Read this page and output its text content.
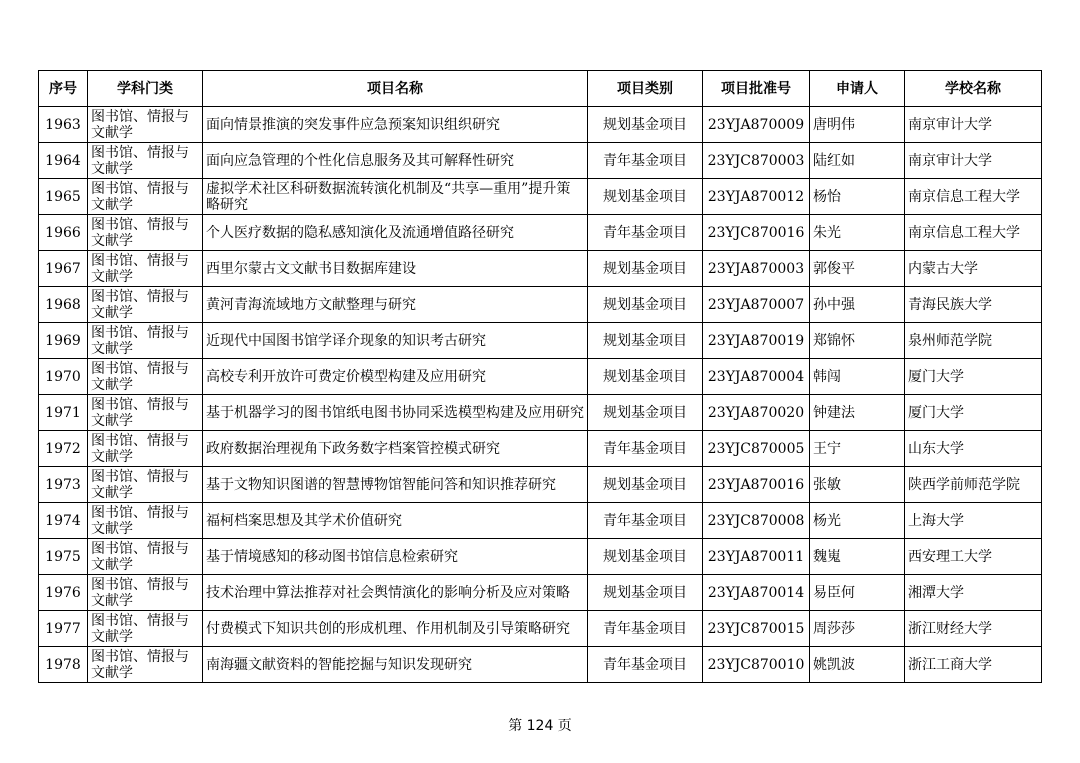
序号	学科门类	项目名称	项目类别	项目批准号	申请人	学校名称
1963	图书馆、情报与文献学	面向情景推演的突发事件应急预案知识组织研究	规划基金项目	23YJA870009	唐明伟	南京审计大学
1964	图书馆、情报与文献学	面向应急管理的个性化信息服务及其可解释性研究	青年基金项目	23YJC870003	陆红如	南京审计大学
1965	图书馆、情报与文献学	虚拟学术社区科研数据流转演化机制及“共享—重用”提升策略研究	规划基金项目	23YJA870012	杨怡	南京信息工程大学
1966	图书馆、情报与文献学	个人医疗数据的隐私感知演化及流通增值路径研究	青年基金项目	23YJC870016	朱光	南京信息工程大学
1967	图书馆、情报与文献学	西里尔蒙古文文献书目数据库建设	规划基金项目	23YJA870003	郭俊平	内蒙古大学
1968	图书馆、情报与文献学	黄河青海流域地方文献整理与研究	规划基金项目	23YJA870007	孙中强	青海民族大学
1969	图书馆、情报与文献学	近现代中国图书馆学译介现象的知识考古研究	规划基金项目	23YJA870019	郑锦怀	泉州师范学院
1970	图书馆、情报与文献学	高校专利开放许可费定价模型构建及应用研究	规划基金项目	23YJA870004	韩闯	厦门大学
1971	图书馆、情报与文献学	基于机器学习的图书馆纸电图书协同采选模型构建及应用研究	规划基金项目	23YJA870020	钟建法	厦门大学
1972	图书馆、情报与文献学	政府数据治理视角下政务数字档案管控模式研究	青年基金项目	23YJC870005	王宁	山东大学
1973	图书馆、情报与文献学	基于文物知识图谱的智慧博物馆智能问答和知识推荐研究	规划基金项目	23YJA870016	张敏	陕西学前师范学院
1974	图书馆、情报与文献学	福柯档案思想及其学术价值研究	青年基金项目	23YJC870008	杨光	上海大学
1975	图书馆、情报与文献学	基于情境感知的移动图书馆信息检索研究	规划基金项目	23YJA870011	魏嵬	西安理工大学
1976	图书馆、情报与文献学	技术治理中算法推荐对社会舆情演化的影响分析及应对策略	规划基金项目	23YJA870014	易臣何	湘潭大学
1977	图书馆、情报与文献学	付费模式下知识共创的形成机理、作用机制及引导策略研究	青年基金项目	23YJC870015	周莎莎	浙江财经大学
1978	图书馆、情报与文献学	南海疆文献资料的智能挖掘与知识发现研究	青年基金项目	23YJC870010	姚凯波	浙江工商大学
第 124 页
